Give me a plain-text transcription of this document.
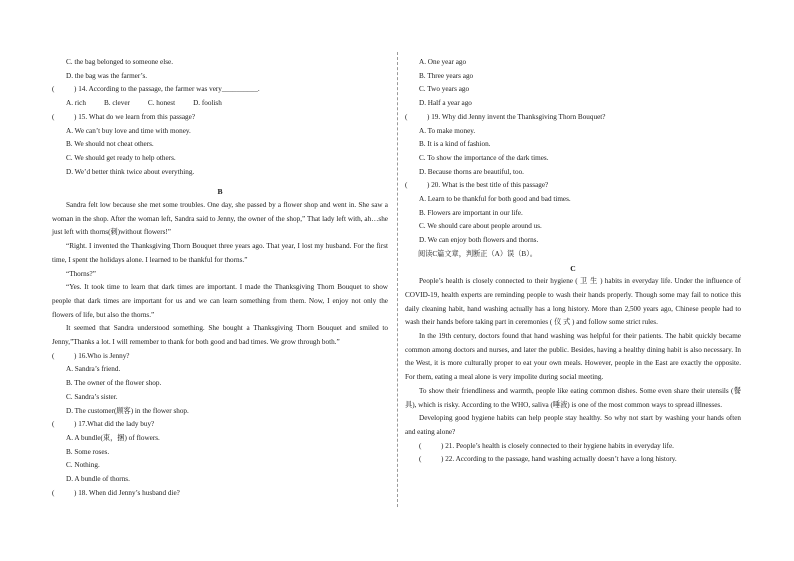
C. the bag belonged to someone else.
D. the bag was the farmer’s.
(	) 14. According to the passage, the farmer was very__________.
A. rich	B. clever	C. honest	D. foolish
(	) 15. What do we learn from this passage?
A. We can’t buy love and time with money.
B. We should not cheat others.
C. We should get ready to help others.
D. We’d better think twice about everything.
B
Sandra felt low because she met some troubles. One day, she passed by a flower shop and went in. She saw a woman in the shop. After the woman left, Sandra said to Jenny, the owner of the shop,” That lady left with, ah…she just left with thorns(刺)without flowers!”
“Right. I invented the Thanksgiving Thorn Bouquet three years ago. That year, I lost my husband. For the first time, I spent the holidays alone. I learned to be thankful for thorns.”
“Thorns?”
“Yes. It took time to learn that dark times are important. I made the Thanksgiving Thorn Bouquet to show people that dark times are important for us and we can learn something from them. Now, I enjoy not only the flowers of life, but also the thorns.”
It seemed that Sandra understood something. She bought a Thanksgiving Thorn Bouquet and smiled to Jenny,”Thanks a lot. I will remember to thank for both good and bad times. We grow through both.”
(	) 16.Who is Jenny?
A. Sandra’s friend.
B. The owner of the flower shop.
C. Sandra’s sister.
D. The customer(顾客) in the flower shop.
(	) 17.What did the lady buy?
A. A bundle(束，捆) of flowers.
B. Some roses.
C. Nothing.
D. A bundle of thorns.
(	) 18. When did Jenny’s husband die?
A. One year ago
B. Three years ago
C. Two years ago
D. Half a year ago
(	) 19. Why did Jenny invent the Thanksgiving Thorn Bouquet?
A. To make money.
B. It is a kind of fashion.
C. To show the importance of the dark times.
D. Because thorns are beautiful, too.
(	) 20. What is the best title of this passage?
A. Learn to be thankful for both good and bad times.
B. Flowers are important in our life.
C. We should care about people around us.
D. We can enjoy both flowers and thorns.
阅读C篇文章，判断正（A）误（B）。
C
People’s health is closely connected to their hygiene ( 卫 生 ) habits in everyday life. Under the influence of COVID-19, health experts are reminding people to wash their hands properly. Though some may fail to notice this daily cleaning habit, hand washing actually has a long history. More than 2,500 years ago, Chinese people had to wash their hands before taking part in ceremonies ( 仪 式 ) and follow some strict rules.
In the 19th century, doctors found that hand washing was helpful for their patients. The habit quickly became common among doctors and nurses, and later the public. Besides, having a healthy dining habit is also necessary. In the West, it is more culturally proper to eat your own meals. However, people in the East are exactly the opposite. For them, eating a meal alone is very impolite during social meeting.
To show their friendliness and warmth, people like eating common dishes. Some even share their utensils (餐具), which is risky. According to the WHO, saliva (唾液) is one of the most common ways to spread illnesses.
Developing good hygiene habits can help people stay healthy. So why not start by washing your hands often and eating alone?
(	) 21. People’s health is closely connected to their hygiene habits in everyday life.
(	) 22. According to the passage, hand washing actually doesn’t have a long history.
